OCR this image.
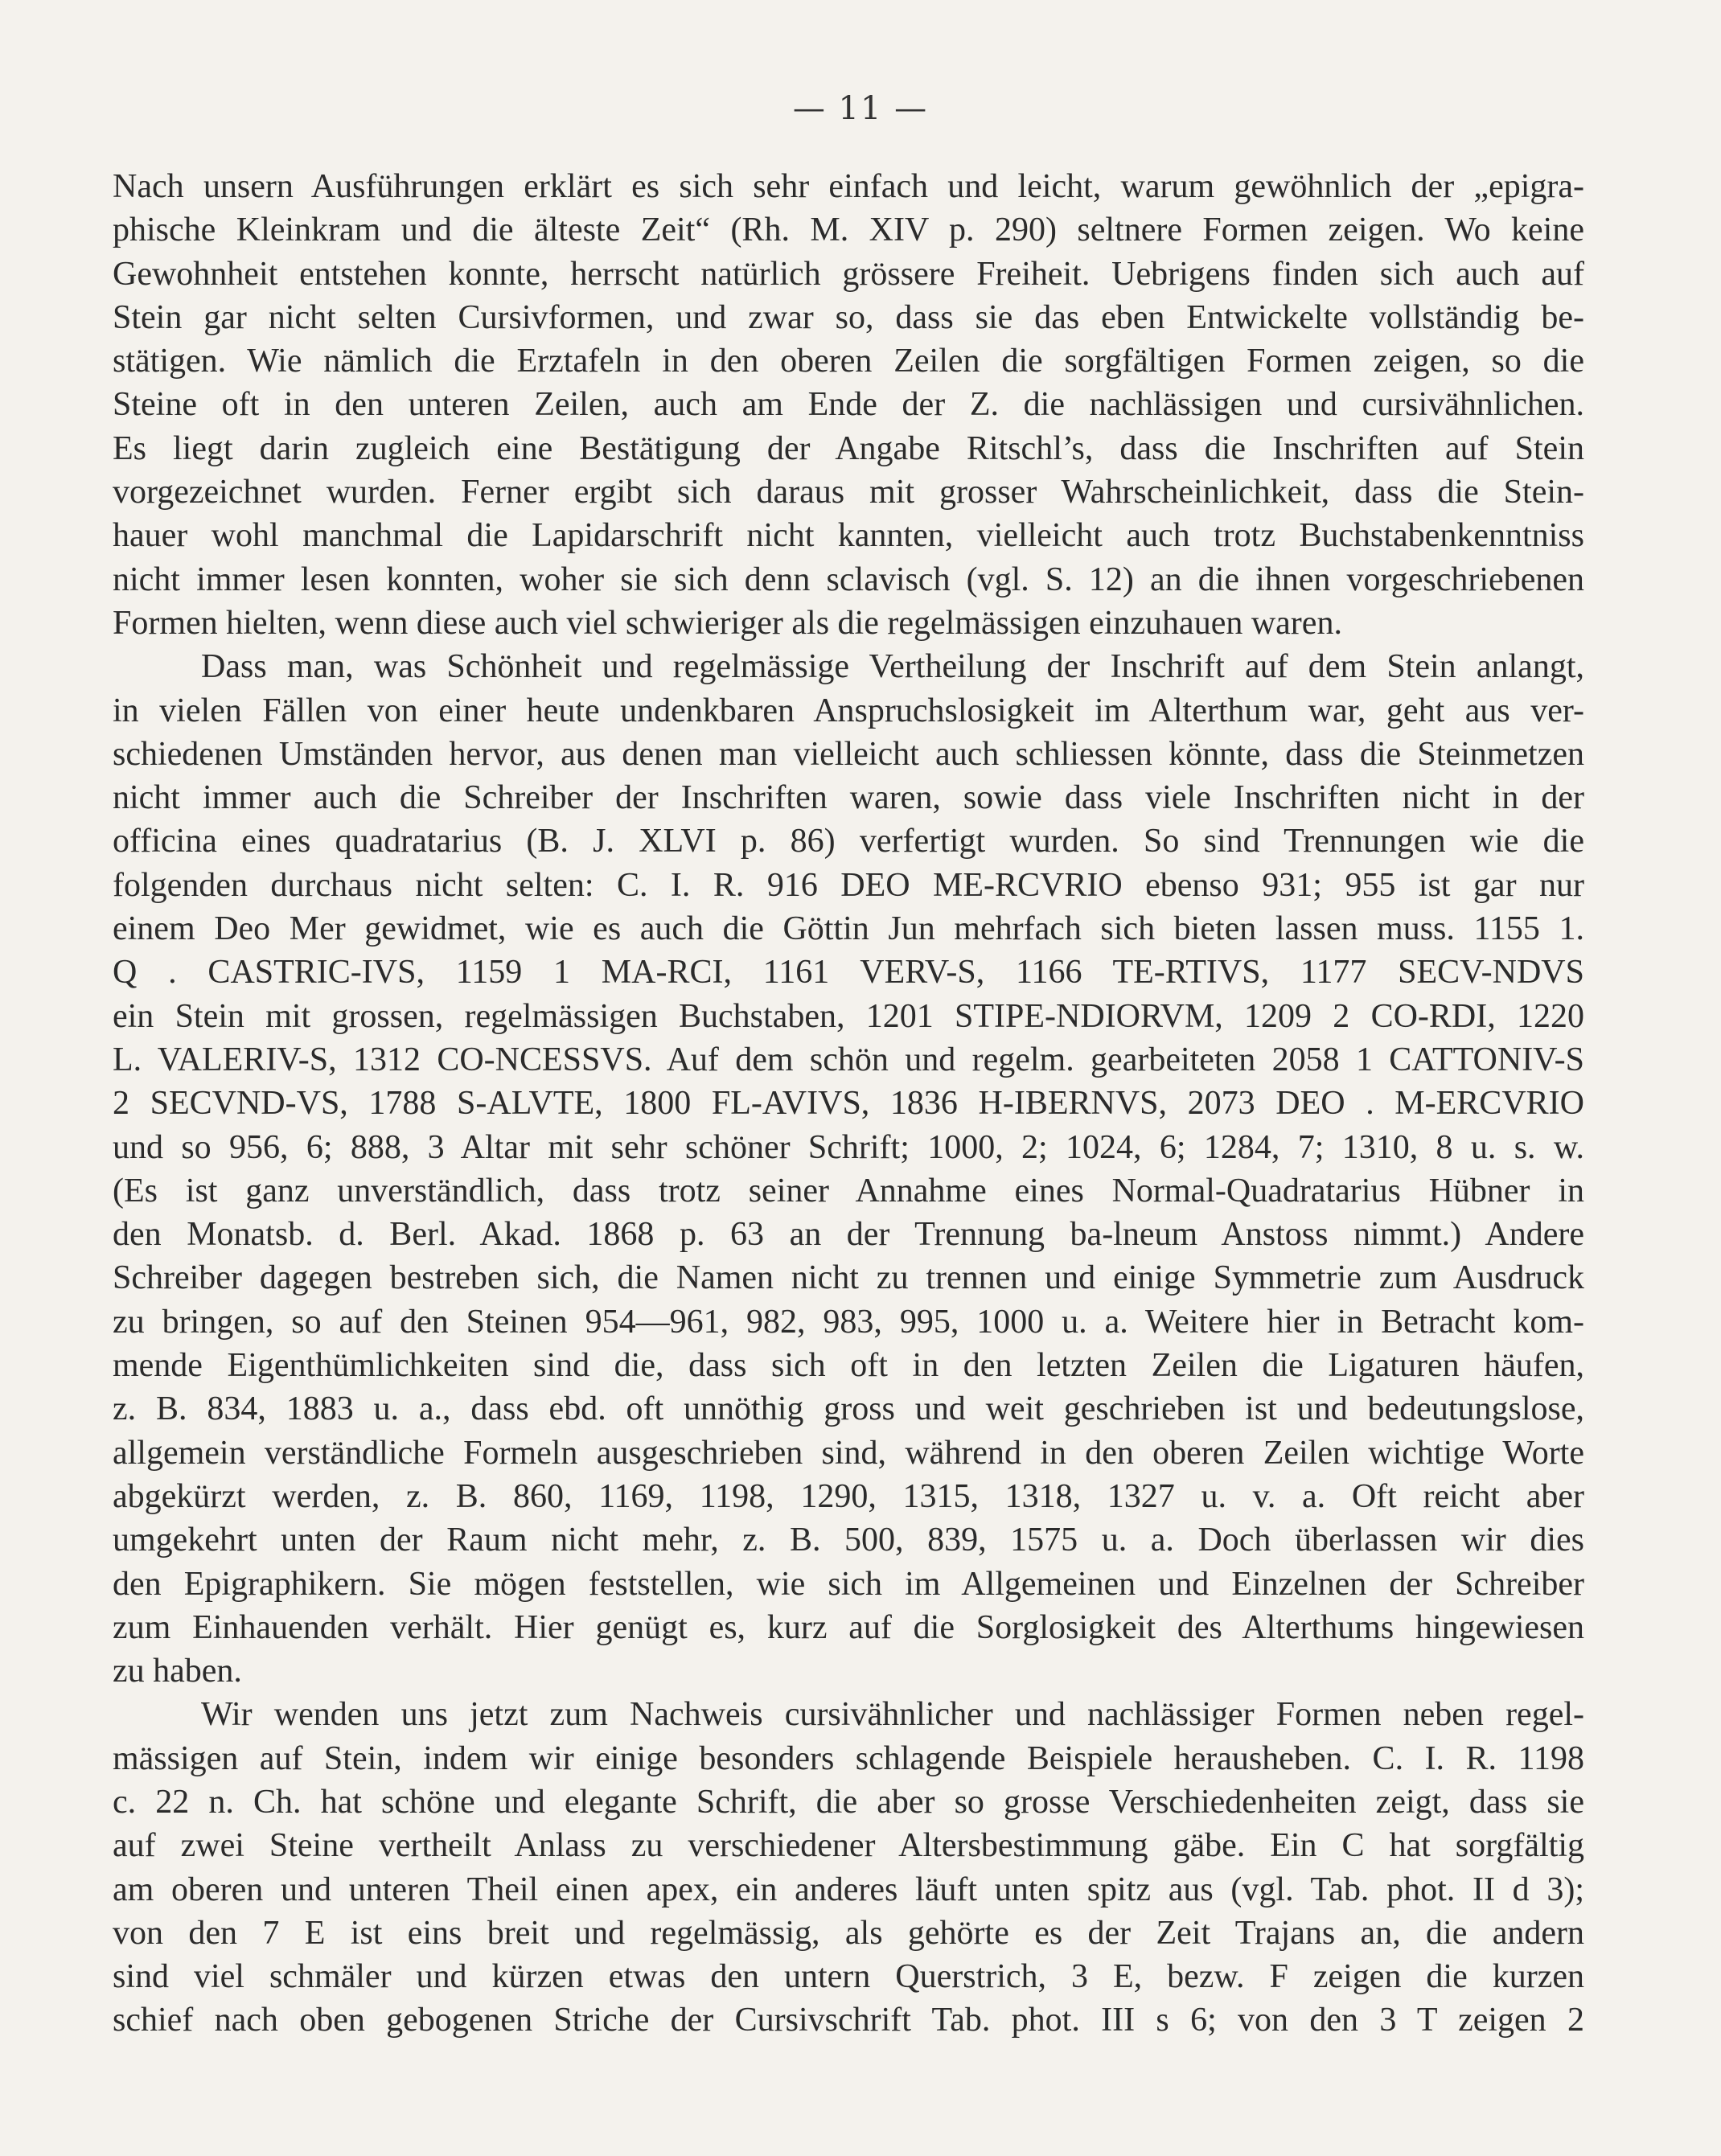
— 11 —
Nach unsern Ausführungen erklärt es sich sehr einfach und leicht, warum gewöhnlich der „epigra-
phische Kleinkram und die älteste Zeit“ (Rh. M. XIV p. 290) seltnere Formen zeigen. Wo keine
Gewohnheit entstehen konnte, herrscht natürlich grössere Freiheit. Uebrigens finden sich auch auf
Stein gar nicht selten Cursivformen, und zwar so, dass sie das eben Entwickelte vollständig be-
stätigen. Wie nämlich die Erztafeln in den oberen Zeilen die sorgfältigen Formen zeigen, so die
Steine oft in den unteren Zeilen, auch am Ende der Z. die nachlässigen und cursivähnlichen.
Es liegt darin zugleich eine Bestätigung der Angabe Ritschl’s, dass die Inschriften auf Stein
vorgezeichnet wurden. Ferner ergibt sich daraus mit grosser Wahrscheinlichkeit, dass die Stein-
hauer wohl manchmal die Lapidarschrift nicht kannten, vielleicht auch trotz Buchstabenkenntniss
nicht immer lesen konnten, woher sie sich denn sclavisch (vgl. S. 12) an die ihnen vorgeschriebenen
Formen hielten, wenn diese auch viel schwieriger als die regelmässigen einzuhauen waren.
Dass man, was Schönheit und regelmässige Vertheilung der Inschrift auf dem Stein anlangt,
in vielen Fällen von einer heute undenkbaren Anspruchslosigkeit im Alterthum war, geht aus ver-
schiedenen Umständen hervor, aus denen man vielleicht auch schliessen könnte, dass die Steinmetzen
nicht immer auch die Schreiber der Inschriften waren, sowie dass viele Inschriften nicht in der
officina eines quadratarius (B. J. XLVI p. 86) verfertigt wurden. So sind Trennungen wie die
folgenden durchaus nicht selten: C. I. R. 916 DEO ME-RCVRIO ebenso 931; 955 ist gar nur
einem Deo Mer gewidmet, wie es auch die Göttin Jun mehrfach sich bieten lassen muss. 1155 1.
Q . CASTRIC-IVS, 1159 1 MA-RCI, 1161 VERV-S, 1166 TE-RTIVS, 1177 SECV-NDVS
ein Stein mit grossen, regelmässigen Buchstaben, 1201 STIPE-NDIORVM, 1209 2 CO-RDI, 1220
L. VALERIV-S, 1312 CO-NCESSVS. Auf dem schön und regelm. gearbeiteten 2058 1 CATTONIV-S
2 SECVND-VS, 1788 S-ALVTE, 1800 FL-AVIVS, 1836 H-IBERNVS, 2073 DEO . M-ERCVRIO
und so 956, 6; 888, 3 Altar mit sehr schöner Schrift; 1000, 2; 1024, 6; 1284, 7; 1310, 8 u. s. w.
(Es ist ganz unverständlich, dass trotz seiner Annahme eines Normal-Quadratarius Hübner in
den Monatsb. d. Berl. Akad. 1868 p. 63 an der Trennung ba-lneum Anstoss nimmt.) Andere
Schreiber dagegen bestreben sich, die Namen nicht zu trennen und einige Symmetrie zum Ausdruck
zu bringen, so auf den Steinen 954—961, 982, 983, 995, 1000 u. a. Weitere hier in Betracht kom-
mende Eigenthümlichkeiten sind die, dass sich oft in den letzten Zeilen die Ligaturen häufen,
z. B. 834, 1883 u. a., dass ebd. oft unnöthig gross und weit geschrieben ist und bedeutungslose,
allgemein verständliche Formeln ausgeschrieben sind, während in den oberen Zeilen wichtige Worte
abgekürzt werden, z. B. 860, 1169, 1198, 1290, 1315, 1318, 1327 u. v. a. Oft reicht aber
umgekehrt unten der Raum nicht mehr, z. B. 500, 839, 1575 u. a. Doch überlassen wir dies
den Epigraphikern. Sie mögen feststellen, wie sich im Allgemeinen und Einzelnen der Schreiber
zum Einhauenden verhält. Hier genügt es, kurz auf die Sorglosigkeit des Alterthums hingewiesen
zu haben.
Wir wenden uns jetzt zum Nachweis cursivähnlicher und nachlässiger Formen neben regel-
mässigen auf Stein, indem wir einige besonders schlagende Beispiele herausheben. C. I. R. 1198
c. 22 n. Ch. hat schöne und elegante Schrift, die aber so grosse Verschiedenheiten zeigt, dass sie
auf zwei Steine vertheilt Anlass zu verschiedener Altersbestimmung gäbe. Ein C hat sorgfältig
am oberen und unteren Theil einen apex, ein anderes läuft unten spitz aus (vgl. Tab. phot. II d 3);
von den 7 E ist eins breit und regelmässig, als gehörte es der Zeit Trajans an, die andern
sind viel schmäler und kürzen etwas den untern Querstrich, 3 E, bezw. F zeigen die kurzen
schief nach oben gebogenen Striche der Cursivschrift Tab. phot. III s 6; von den 3 T zeigen 2
